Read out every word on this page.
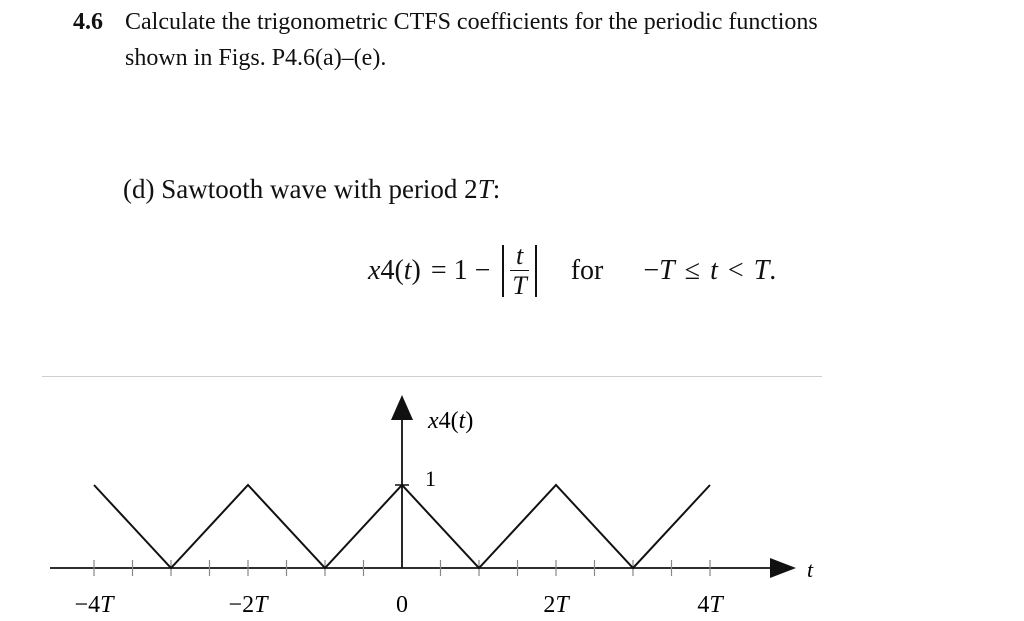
4.6 Calculate the trigonometric CTFS coefficients for the periodic functions
shown in Figs. P4.6(a)–(e).
(d) Sawtooth wave with period 2T:
x 4( t ) = $1 - \frac{t}{T}$ for − T ≤ t < T .
1
x4(t)
t
−4T	−2T	0	2T	4T
